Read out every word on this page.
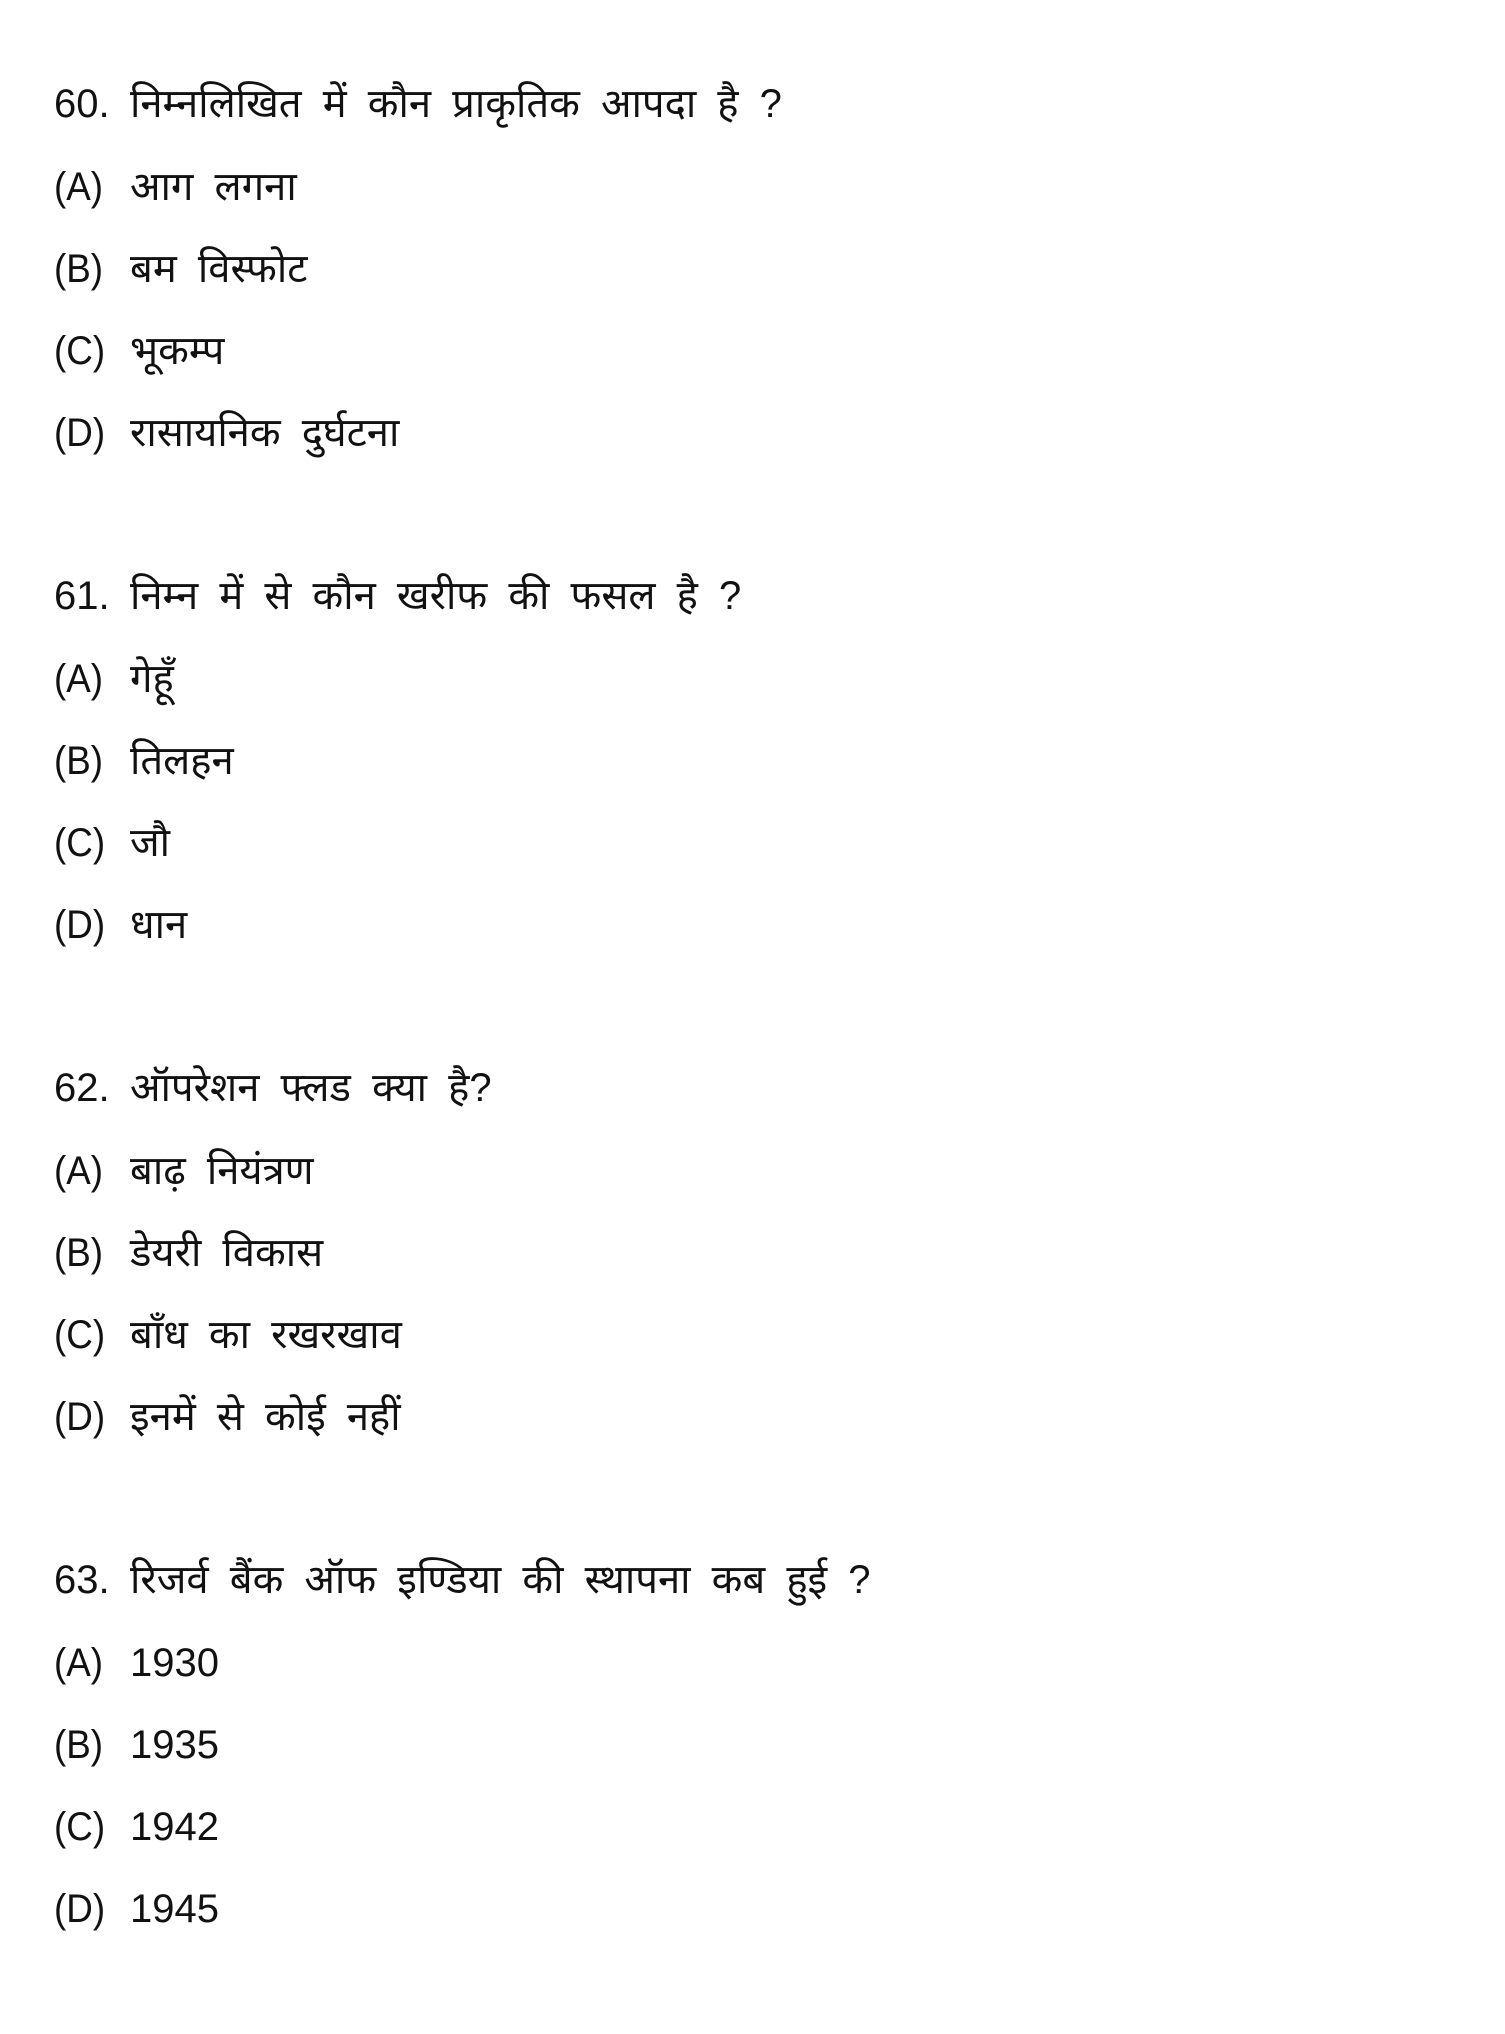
60. निम्नलिखित में कौन प्राकृतिक आपदा है ?
(A) आग लगना
(B) बम विस्फोट
(C) भूकम्प
(D) रासायनिक दुर्घटना
61. निम्न में से कौन खरीफ की फसल है ?
(A) गेहूँ
(B) तिलहन
(C) जौ
(D) धान
62. ऑपरेशन फ्लड क्या है?
(A) बाढ़ नियंत्रण
(B) डेयरी विकास
(C) बाँध का रखरखाव
(D) इनमें से कोई नहीं
63. रिजर्व बैंक ऑफ इण्डिया की स्थापना कब हुई ?
(A) 1930
(B) 1935
(C) 1942
(D) 1945
